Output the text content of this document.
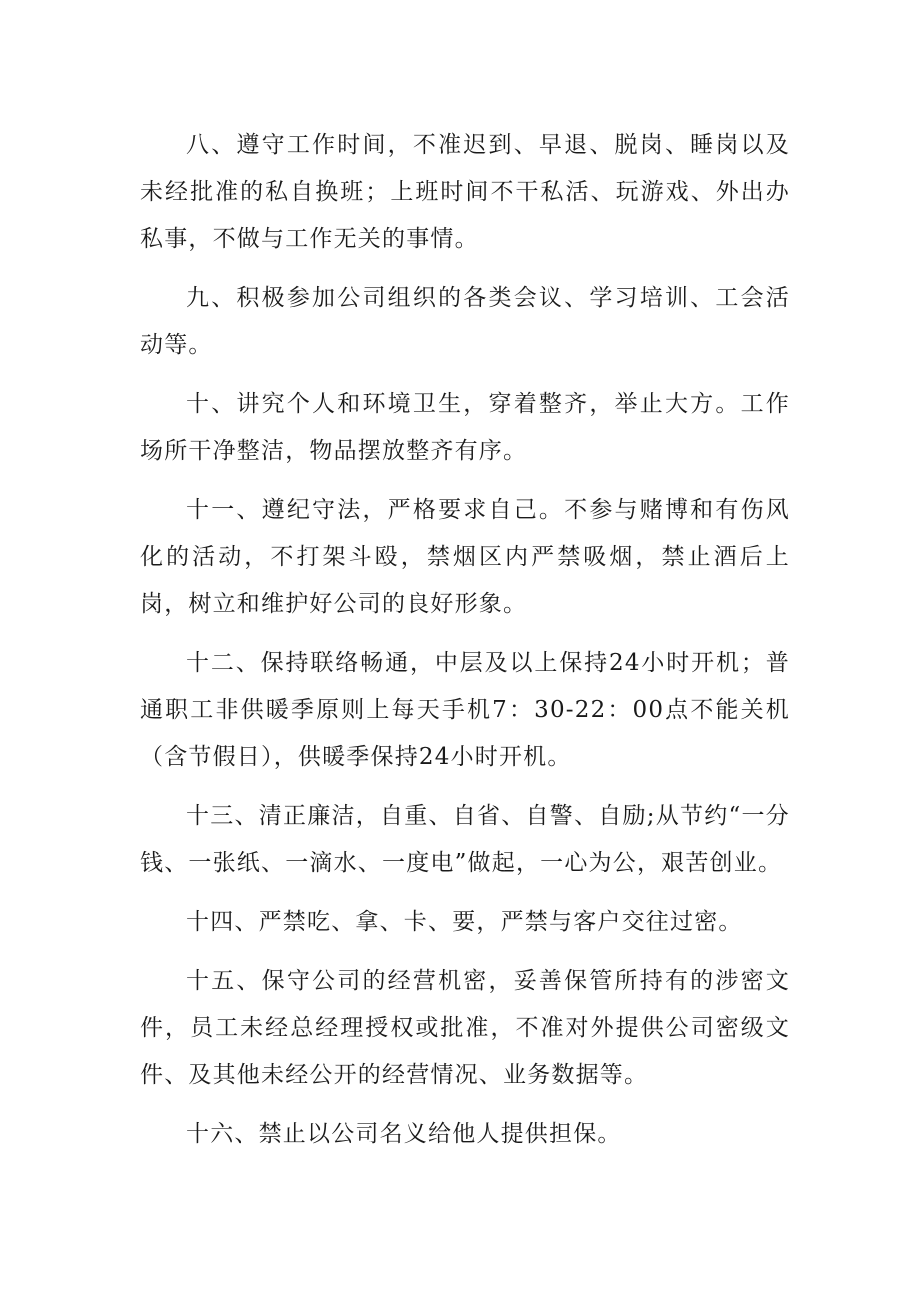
八、遵守工作时间，不准迟到、早退、脱岗、睡岗以及未经批准的私自换班；上班时间不干私活、玩游戏、外出办私事，不做与工作无关的事情。

九、积极参加公司组织的各类会议、学习培训、工会活动等。

十、讲究个人和环境卫生，穿着整齐，举止大方。工作场所干净整洁，物品摆放整齐有序。

十一、遵纪守法，严格要求自己。不参与赌博和有伤风化的活动，不打架斗殴，禁烟区内严禁吸烟，禁止酒后上岗，树立和维护好公司的良好形象。

十二、保持联络畅通，中层及以上保持24小时开机；普通职工非供暖季原则上每天手机7：30-22：00点不能关机（含节假日），供暖季保持24小时开机。

十三、清正廉洁，自重、自省、自警、自励;从节约“一分钱、一张纸、一滴水、一度电”做起，一心为公，艰苦创业。

十四、严禁吃、拿、卡、要，严禁与客户交往过密。

十五、保守公司的经营机密，妥善保管所持有的涉密文件，员工未经总经理授权或批准，不准对外提供公司密级文件、及其他未经公开的经营情况、业务数据等。

十六、禁止以公司名义给他人提供担保。
